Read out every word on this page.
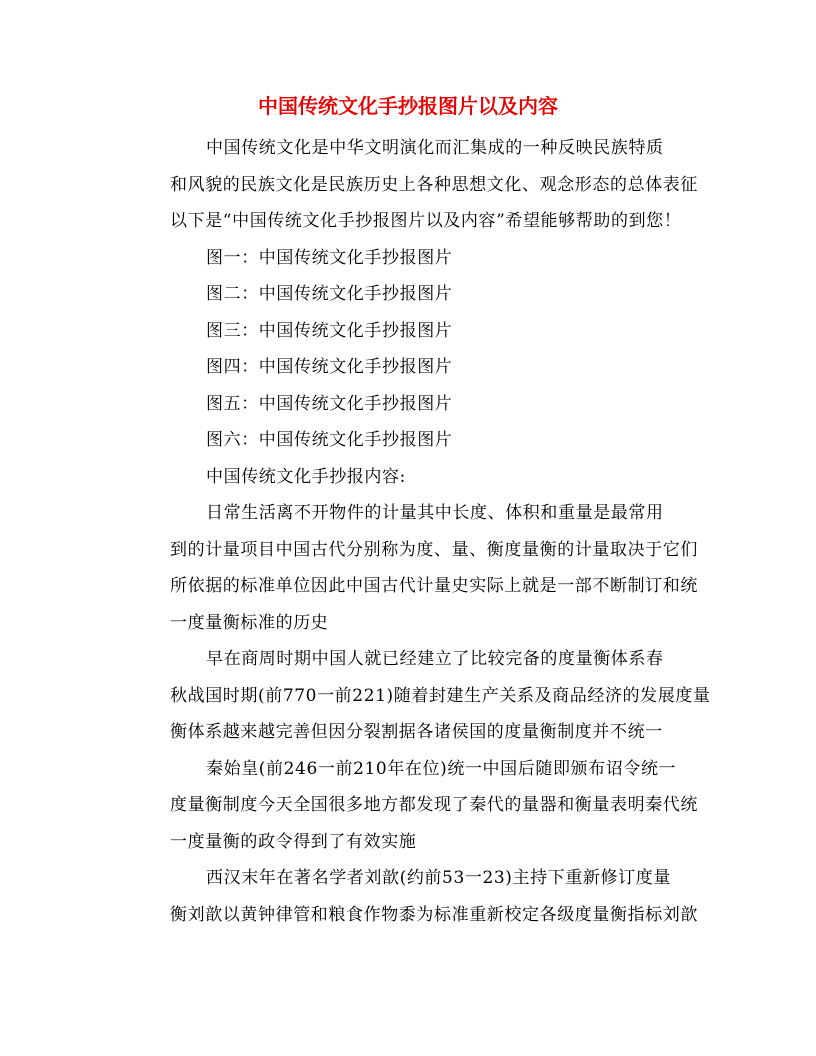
中国传统文化手抄报图片以及内容
中国传统文化是中华文明演化而汇集成的一种反映民族特质
和风貌的民族文化是民族历史上各种思想文化、观念形态的总体表征
以下是“中国传统文化手抄报图片以及内容”希望能够帮助的到您！
图一：中国传统文化手抄报图片
图二：中国传统文化手抄报图片
图三：中国传统文化手抄报图片
图四：中国传统文化手抄报图片
图五：中国传统文化手抄报图片
图六：中国传统文化手抄报图片
中国传统文化手抄报内容:
日常生活离不开物件的计量其中长度、体积和重量是最常用
到的计量项目中国古代分别称为度、量、衡度量衡的计量取决于它们
所依据的标准单位因此中国古代计量史实际上就是一部不断制订和统
一度量衡标准的历史
早在商周时期中国人就已经建立了比较完备的度量衡体系春
秋战国时期(前770一前221)随着封建生产关系及商品经济的发展度量
衡体系越来越完善但因分裂割据各诸侯国的度量衡制度并不统一
秦始皇(前246一前210年在位)统一中国后随即颁布诏令统一
度量衡制度今天全国很多地方都发现了秦代的量器和衡量表明秦代统
一度量衡的政令得到了有效实施
西汉末年在著名学者刘歆(约前53一23)主持下重新修订度量
衡刘歆以黄钟律管和粮食作物黍为标准重新校定各级度量衡指标刘歆
